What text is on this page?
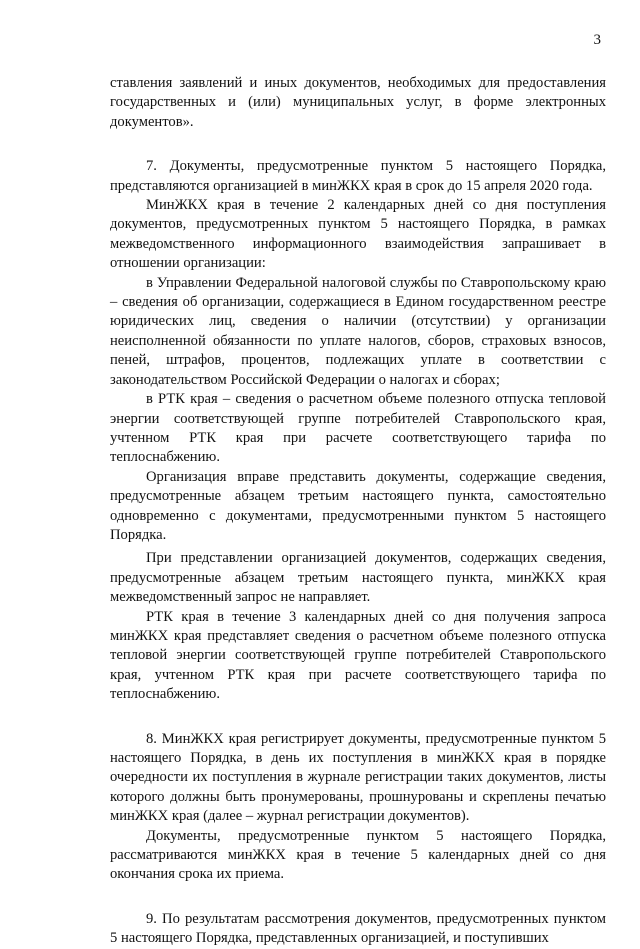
3

ставления заявлений и иных документов, необходимых для предоставления государственных и (или) муниципальных услуг, в форме электронных документов».

7. Документы, предусмотренные пунктом 5 настоящего Порядка, представляются организацией в минЖКХ края в срок до 15 апреля 2020 года.

МинЖКХ края в течение 2 календарных дней со дня поступления документов, предусмотренных пунктом 5 настоящего Порядка, в рамках межведомственного информационного взаимодействия запрашивает в отношении организации:

в Управлении Федеральной налоговой службы по Ставропольскому краю – сведения об организации, содержащиеся в Едином государственном реестре юридических лиц, сведения о наличии (отсутствии) у организации неисполненной обязанности по уплате налогов, сборов, страховых взносов, пеней, штрафов, процентов, подлежащих уплате в соответствии с законодательством Российской Федерации о налогах и сборах;

в РТК края – сведения о расчетном объеме полезного отпуска тепловой энергии соответствующей группе потребителей Ставропольского края, учтенном РТК края при расчете соответствующего тарифа по теплоснабжению.

Организация вправе представить документы, содержащие сведения, предусмотренные абзацем третьим настоящего пункта, самостоятельно одновременно с документами, предусмотренными пунктом 5 настоящего Порядка.

При представлении организацией документов, содержащих сведения, предусмотренные абзацем третьим настоящего пункта, минЖКХ края межведомственный запрос не направляет.

РТК края в течение 3 календарных дней со дня получения запроса минЖКХ края представляет сведения о расчетном объеме полезного отпуска тепловой энергии соответствующей группе потребителей Ставропольского края, учтенном РТК края при расчете соответствующего тарифа по теплоснабжению.

8. МинЖКХ края регистрирует документы, предусмотренные пунктом 5 настоящего Порядка, в день их поступления в минЖКХ края в порядке очередности их поступления в журнале регистрации таких документов, листы которого должны быть пронумерованы, прошнурованы и скреплены печатью минЖКХ края (далее – журнал регистрации документов).

Документы, предусмотренные пунктом 5 настоящего Порядка, рассматриваются минЖКХ края в течение 5 календарных дней со дня окончания срока их приема.

9. По результатам рассмотрения документов, предусмотренных пунктом 5 настоящего Порядка, представленных организацией, и поступивших
